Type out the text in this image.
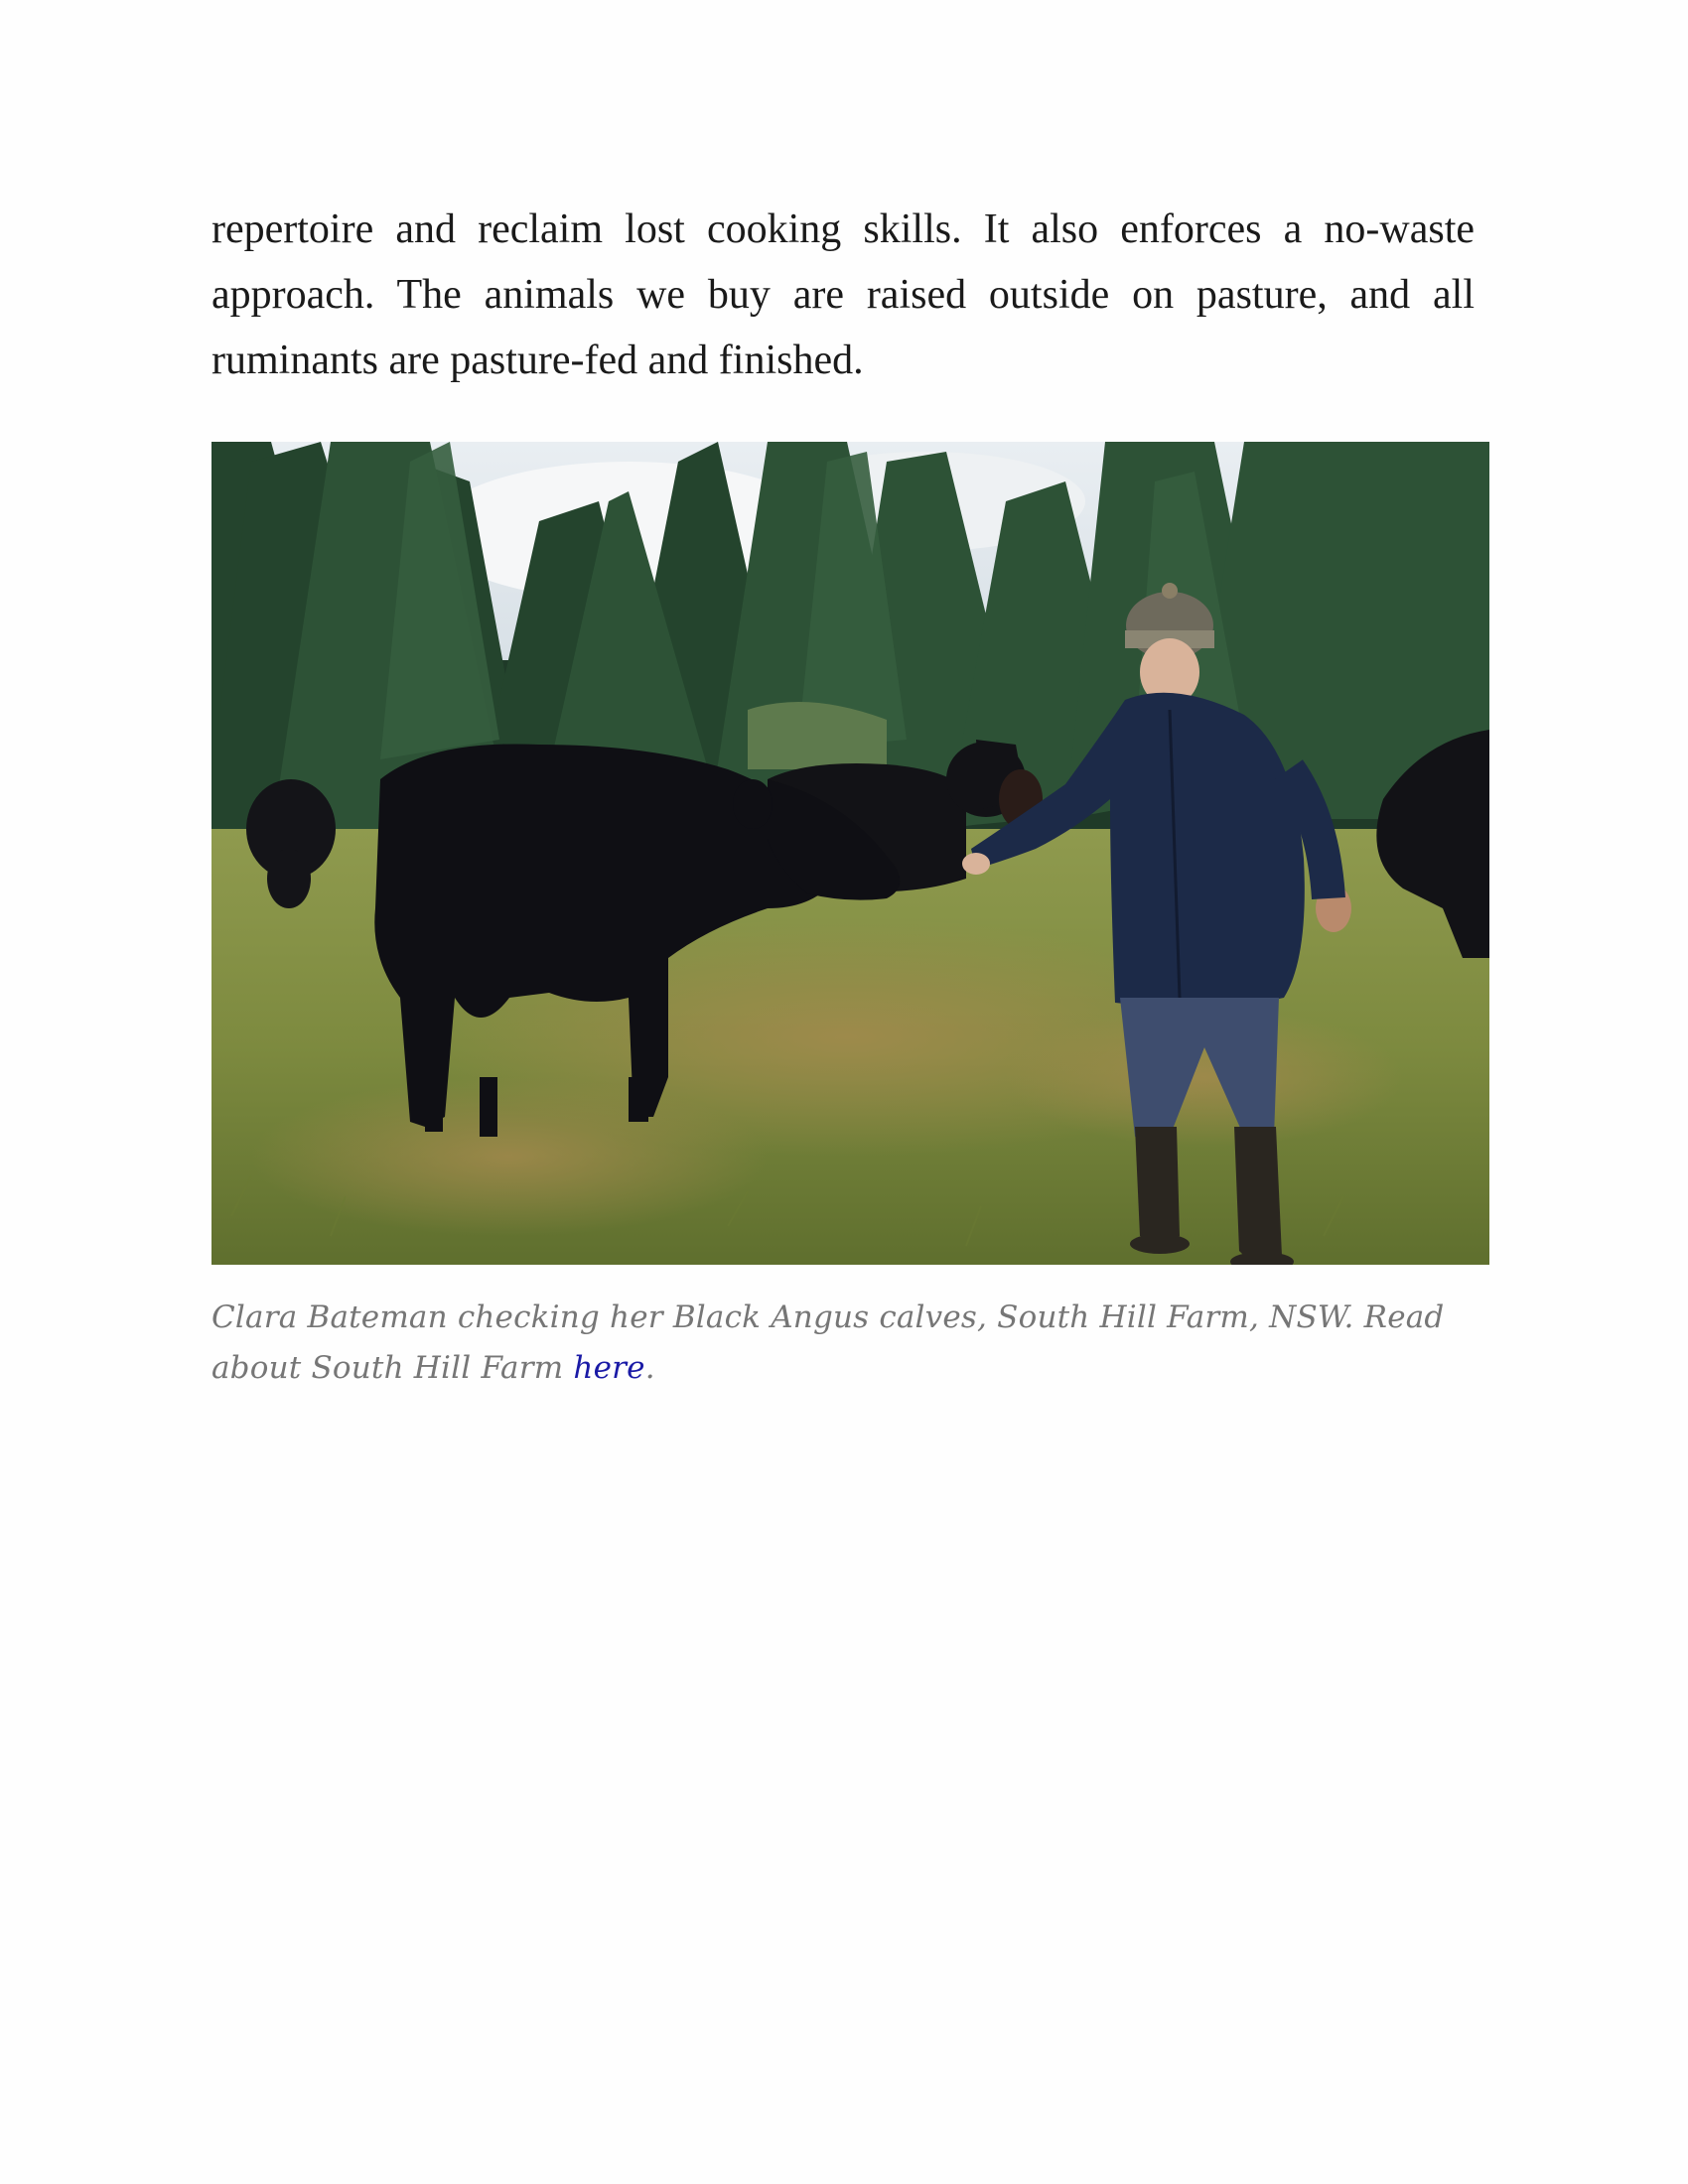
repertoire and reclaim lost cooking skills. It also enforces a no-waste approach. The animals we buy are raised outside on pasture, and all ruminants are pasture-fed and finished.

Clara Bateman checking her Black Angus calves, South Hill Farm, NSW. Read about South Hill Farm here.
